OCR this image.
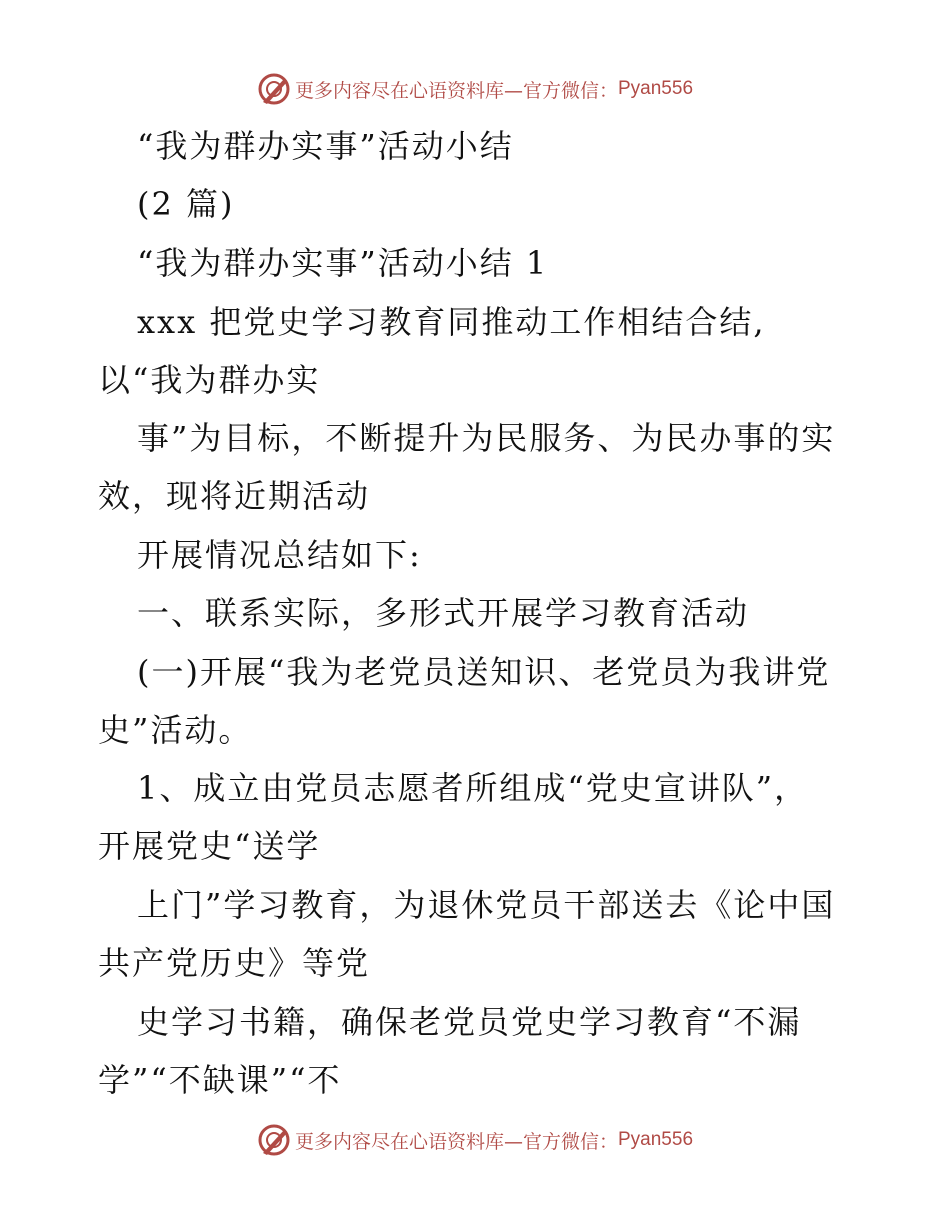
更多内容尽在心语资料库—官方微信： Pyan556
“我为群办实事”活动小结
(2 篇)
“我为群办实事”活动小结 1
xxx 把党史学习教育同推动工作相结合结,
以“我为群办实
事”为目标，不断提升为民服务、为民办事的实
效，现将近期活动
开展情况总结如下:
一、联系实际，多形式开展学习教育活动
(一)开展“我为老党员送知识、老党员为我讲党
史”活动。
1、成立由党员志愿者所组成“党史宣讲队”，
开展党史“送学
上门”学习教育，为退休党员干部送去《论中国
共产党历史》等党
史学习书籍，确保老党员党史学习教育“不漏
学”“不缺课”“不
更多内容尽在心语资料库—官方微信： Pyan556
